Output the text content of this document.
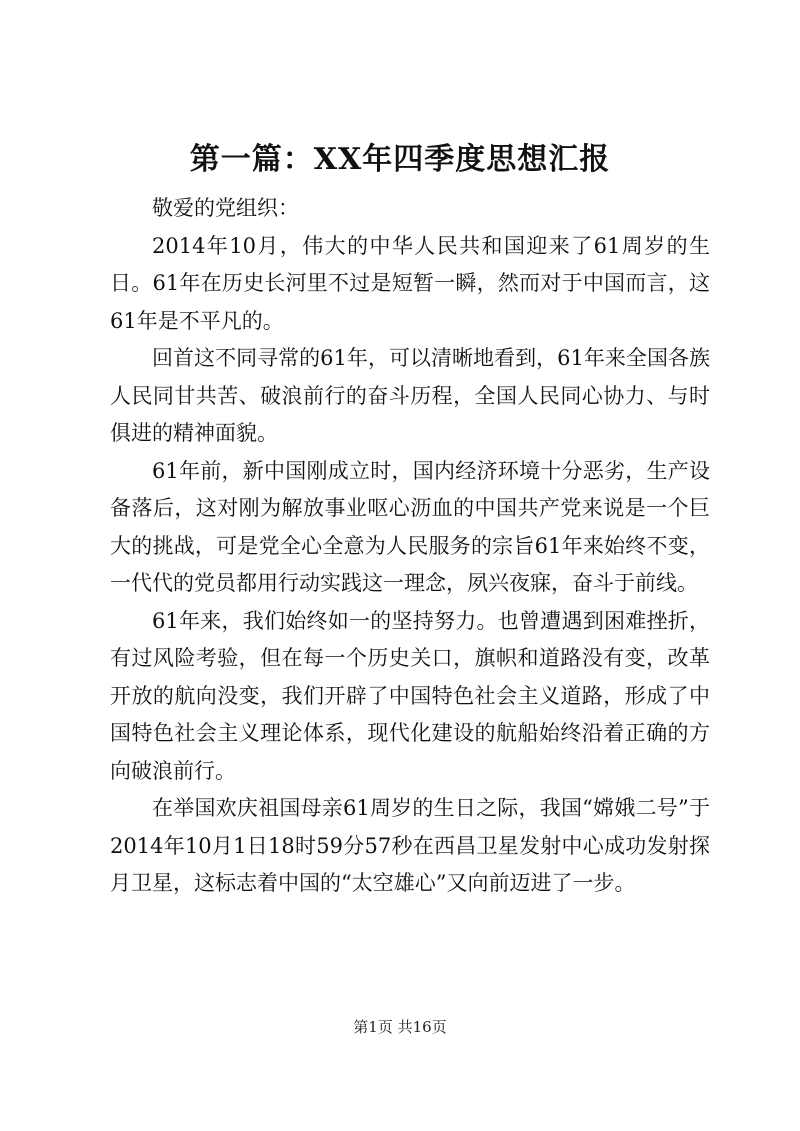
第一篇：XX年四季度思想汇报

敬爱的党组织：

2014年10月，伟大的中华人民共和国迎来了61周岁的生日。61年在历史长河里不过是短暂一瞬，然而对于中国而言，这61年是不平凡的。

回首这不同寻常的61年，可以清晰地看到，61年来全国各族人民同甘共苦、破浪前行的奋斗历程，全国人民同心协力、与时俱进的精神面貌。

61年前，新中国刚成立时，国内经济环境十分恶劣，生产设备落后，这对刚为解放事业呕心沥血的中国共产党来说是一个巨大的挑战，可是党全心全意为人民服务的宗旨61年来始终不变，一代代的党员都用行动实践这一理念，夙兴夜寐，奋斗于前线。

61年来，我们始终如一的坚持努力。也曾遭遇到困难挫折，有过风险考验，但在每一个历史关口，旗帜和道路没有变，改革开放的航向没变，我们开辟了中国特色社会主义道路，形成了中国特色社会主义理论体系，现代化建设的航船始终沿着正确的方向破浪前行。

在举国欢庆祖国母亲61周岁的生日之际，我国“嫦娥二号”于2014年10月1日18时59分57秒在西昌卫星发射中心成功发射探月卫星，这标志着中国的“太空雄心”又向前迈进了一步。

第1页 共16页
